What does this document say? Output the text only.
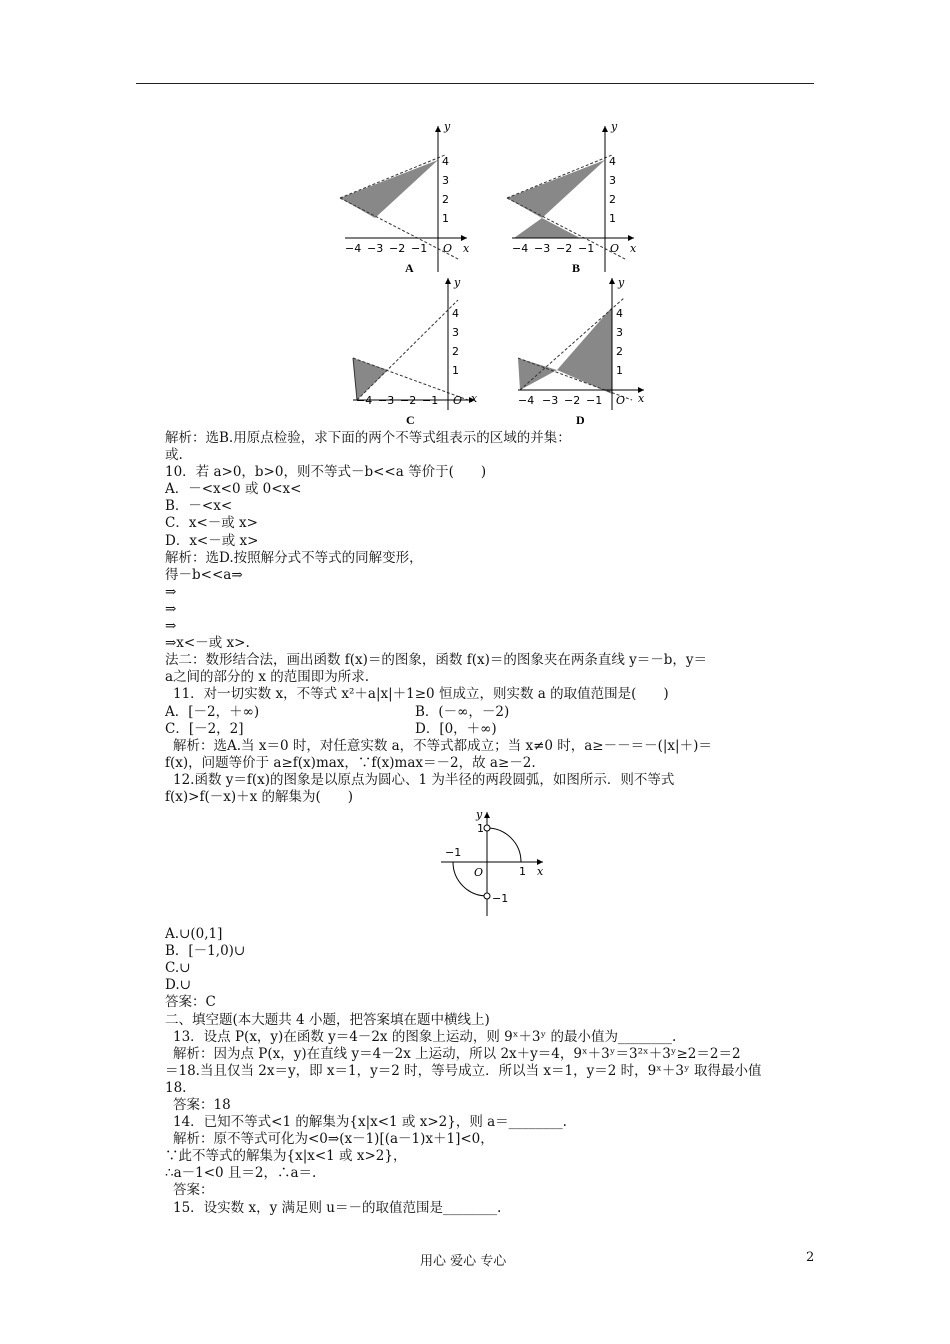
y
x
1
2
3
4
−4 −3 −2 −1 O
A
y
x
1
2
3
4
−4 −3 −2 −1 O
B
y
x
1
2
3
4
−4 −3 −2 −1 O
C
y
x
1
2
3
4
−4 −3 −2 −1 O
D
解析：选B.用原点检验，求下面的两个不等式组表示的区域的并集：
或.
10．若 a>0，b>0，则不等式－b<<a 等价于(　　)
A．－<x<0 或 0<x<
B．－<x<
C．x<－或 x>
D．x<－或 x>
解析：选D.按照解分式不等式的同解变形，
得－b<<a⇒
⇒
⇒
⇒
⇒x<－或 x>.
法二：数形结合法，画出函数 f(x)＝的图象，函数 f(x)＝的图象夹在两条直线 y＝－b，y＝
a之间的部分的 x 的范围即为所求.
11．对一切实数 x，不等式 x²＋a|x|＋1≥0 恒成立，则实数 a 的取值范围是(　　)
A．[－2，＋∞)	B．(－∞，－2)
C．[－2，2]	D．[0，＋∞)
解析：选A.当 x＝0 时，对任意实数 a，不等式都成立；当 x≠0 时，a≥－－＝－(|x|＋)＝
f(x)，问题等价于 a≥f(x)max，∵f(x)max＝－2，故 a≥－2.
12.函数 y＝f(x)的图象是以原点为圆心、1 为半径的两段圆弧，如图所示．则不等式
f(x)>f(－x)＋x 的解集为(　　)
y
1
−1
−1
1
O	x
A.∪(0,1]
B．[－1,0)∪
C.∪
D.∪
答案：C
二、填空题(本大题共 4 小题，把答案填在题中横线上)
13．设点 P(x，y)在函数 y＝4－2x 的图象上运动，则 9ˣ＋3ʸ 的最小值为________.
解析：因为点 P(x，y)在直线 y＝4－2x 上运动，所以 2x＋y＝4，9ˣ＋3ʸ＝3²ˣ＋3ʸ≥2＝2＝2
＝18.当且仅当 2x＝y，即 x＝1，y＝2 时，等号成立．所以当 x＝1，y＝2 时，9ˣ＋3ʸ 取得最小值
18.
答案：18
14．已知不等式<1 的解集为{x|x<1 或 x>2}，则 a＝________.
解析：原不等式可化为<0⇒(x－1)[(a－1)x＋1]<0，
∵此不等式的解集为{x|x<1 或 x>2}，
∴a－1<0 且＝2，∴a＝.
答案：
15．设实数 x，y 满足则 u＝－的取值范围是________.
用心 爱心 专心	2
